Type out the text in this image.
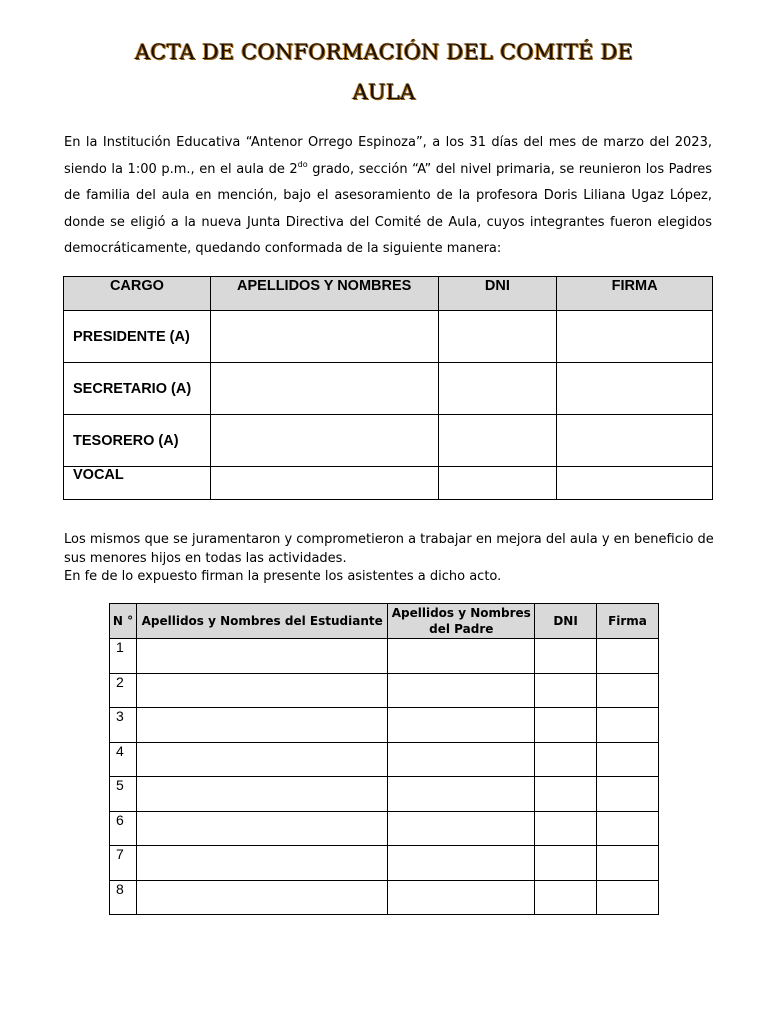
ACTA DE CONFORMACIÓN DEL COMITÉ DE
AULA

En la Institución Educativa “Antenor Orrego Espinoza”, a los 31 días del mes de marzo del 2023, siendo la 1:00 p.m., en el aula de $2^{do}$ grado, sección “A” del nivel primaria, se reunieron los Padres de familia del aula en mención, bajo el asesoramiento de la profesora Doris Liliana Ugaz López, donde se eligió a la nueva Junta Directiva del Comité de Aula, cuyos integrantes fueron elegidos democráticamente, quedando conformada de la siguiente manera:

CARGO	APELLIDOS Y NOMBRES	DNI	FIRMA
PRESIDENTE (A)			
SECRETARIO (A)			
TESORERO (A)			
VOCAL			
Los mismos que se juramentaron y comprometieron a trabajar en mejora del aula y en beneficio de sus menores hijos en todas las actividades.
En fe de lo expuesto firman la presente los asistentes a dicho acto.
N °	Apellidos y Nombres del Estudiante	Apellidos y Nombres del Padre	DNI	Firma
1				
2				
3				
4				
5				
6				
7				
8				
